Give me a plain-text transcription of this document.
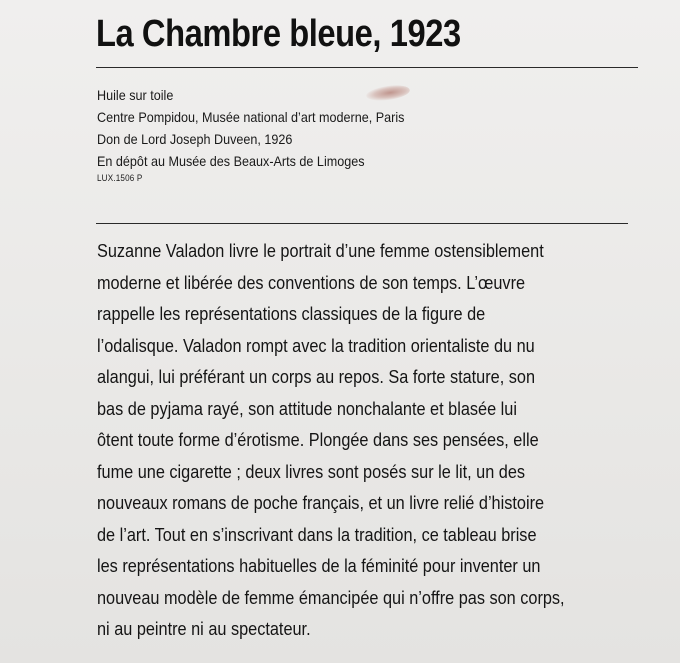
La Chambre bleue, 1923
Huile sur toile
Centre Pompidou, Musée national d’art moderne, Paris
Don de Lord Joseph Duveen, 1926
En dépôt au Musée des Beaux-Arts de Limoges
LUX.1506 P
Suzanne Valadon livre le portrait d’une femme ostensiblement
moderne et libérée des conventions de son temps. L’œuvre
rappelle les représentations classiques de la figure de
l’odalisque. Valadon rompt avec la tradition orientaliste du nu
alangui, lui préférant un corps au repos. Sa forte stature, son
bas de pyjama rayé, son attitude nonchalante et blasée lui
ôtent toute forme d’érotisme. Plongée dans ses pensées, elle
fume une cigarette ; deux livres sont posés sur le lit, un des
nouveaux romans de poche français, et un livre relié d’histoire
de l’art. Tout en s’inscrivant dans la tradition, ce tableau brise
les représentations habituelles de la féminité pour inventer un
nouveau modèle de femme émancipée qui n’offre pas son corps,
ni au peintre ni au spectateur.
